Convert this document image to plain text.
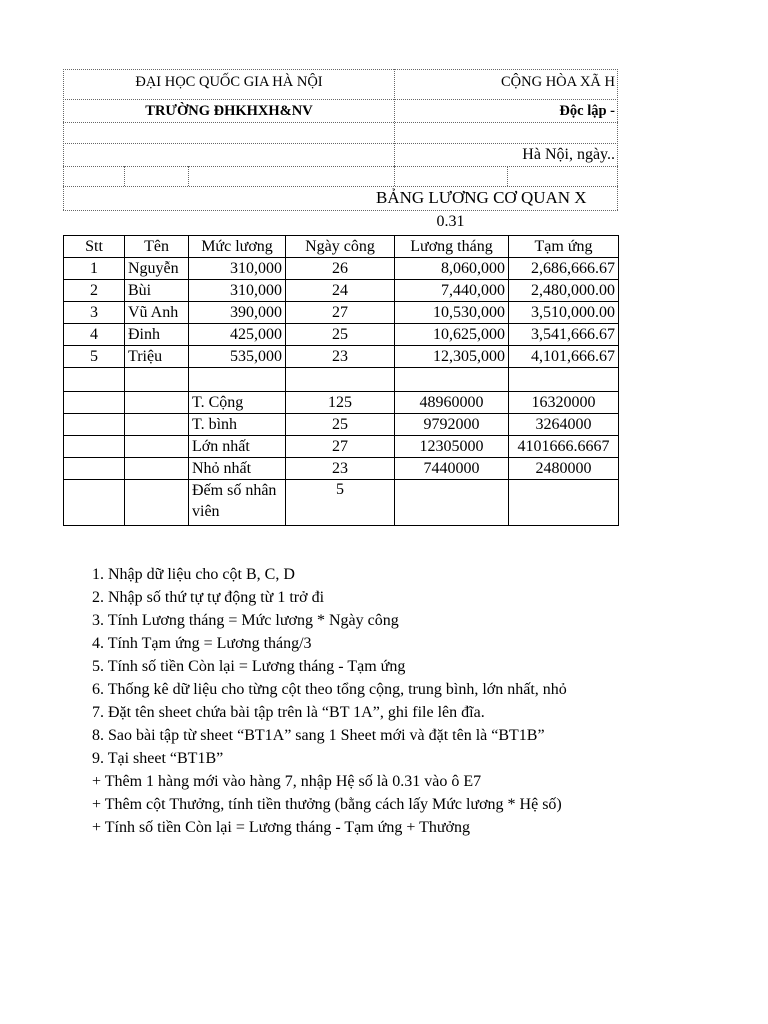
ĐẠI HỌC QUỐC GIA HÀ NỘI	CỘNG HÒA XÃ H
TRƯỜNG ĐHKHXH&NV	Độc lập -
Hà Nội, ngày..
BẢNG LƯƠNG CƠ QUAN X
0.31
Stt	Tên	Mức lương	Ngày công	Lương tháng	Tạm ứng
1	Nguyễn	310,000	26	8,060,000	2,686,666.67
2	Bùi	310,000	24	7,440,000	2,480,000.00
3	Vũ Anh	390,000	27	10,530,000	3,510,000.00
4	Đinh	425,000	25	10,625,000	3,541,666.67
5	Triệu	535,000	23	12,305,000	4,101,666.67

		T. Cộng	125	48960000	16320000
		T. bình	25	9792000	3264000
		Lớn nhất	27	12305000	4101666.6667
		Nhỏ nhất	23	7440000	2480000
		Đếm số nhân viên	5		
1. Nhập dữ liệu cho cột B, C, D
2. Nhập số thứ tự tự động từ 1 trở đi
3. Tính Lương tháng = Mức lương * Ngày công
4. Tính Tạm ứng = Lương tháng/3
5. Tính số tiền Còn lại = Lương tháng - Tạm ứng
6. Thống kê dữ liệu cho từng cột theo tổng cộng, trung bình, lớn nhất, nhỏ
7. Đặt tên sheet chứa bài tập trên là “BT 1A”, ghi file lên đĩa.
8. Sao bài tập từ sheet “BT1A” sang 1 Sheet mới và đặt tên là “BT1B”
9. Tại sheet “BT1B”
+ Thêm 1 hàng mới vào hàng 7, nhập Hệ số là 0.31 vào ô E7
+ Thêm cột Thưởng, tính tiền thưởng (bằng cách lấy Mức lương * Hệ số)
+ Tính số tiền Còn lại = Lương tháng - Tạm ứng + Thưởng
